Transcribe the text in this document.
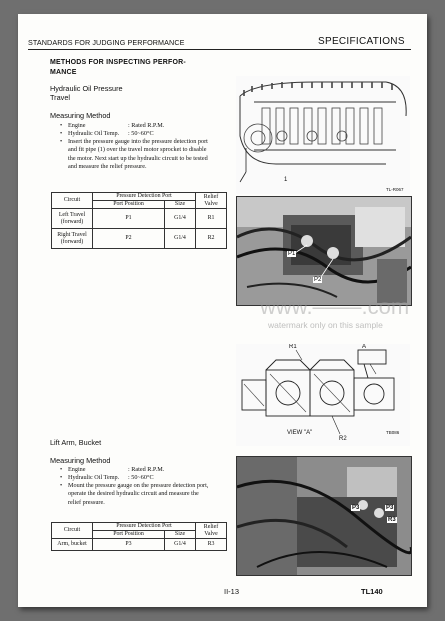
STANDARDS FOR JUDGING PERFORMANCE	SPECIFICATIONS
METHODS FOR INSPECTING PERFOR-MANCE
Hydraulic Oil Pressure
Travel
Measuring Method
• Engine	: Rated R.P.M.
• Hydraulic Oil Temp.	: 50~60°C
• Insert the pressure gauge into the pressure detection port and fit pipe (1) over the travel motor sprocket to disable the motor. Next start up the hydraulic circuit to be tested and measure the relief pressure.
Circuit	Pressure Detection Port		Relief Valve
	Port Position	Size	
Left Travel (forward)	P1	G1/4	R1
Right Travel (forward)	P2	G1/4	R2
Lift Arm, Bucket
Measuring Method
• Engine	: Rated R.P.M.
• Hydraulic Oil Temp.	: 50~60°C
• Mount the pressure gauge on the pressure detection port, operate the desired hydraulic circuit and measure the relief pressure.
Circuit	Pressure Detection Port		Relief Valve
	Port Position	Size	
Arm, bucket	P3	G1/4	R3
1
TL-R067
P1
P2
R1	A
VIEW "A"
R2
TB086
P3	P3
R3
www.‒‒‒‒.com
watermark only on this sample
II-13	TL140
